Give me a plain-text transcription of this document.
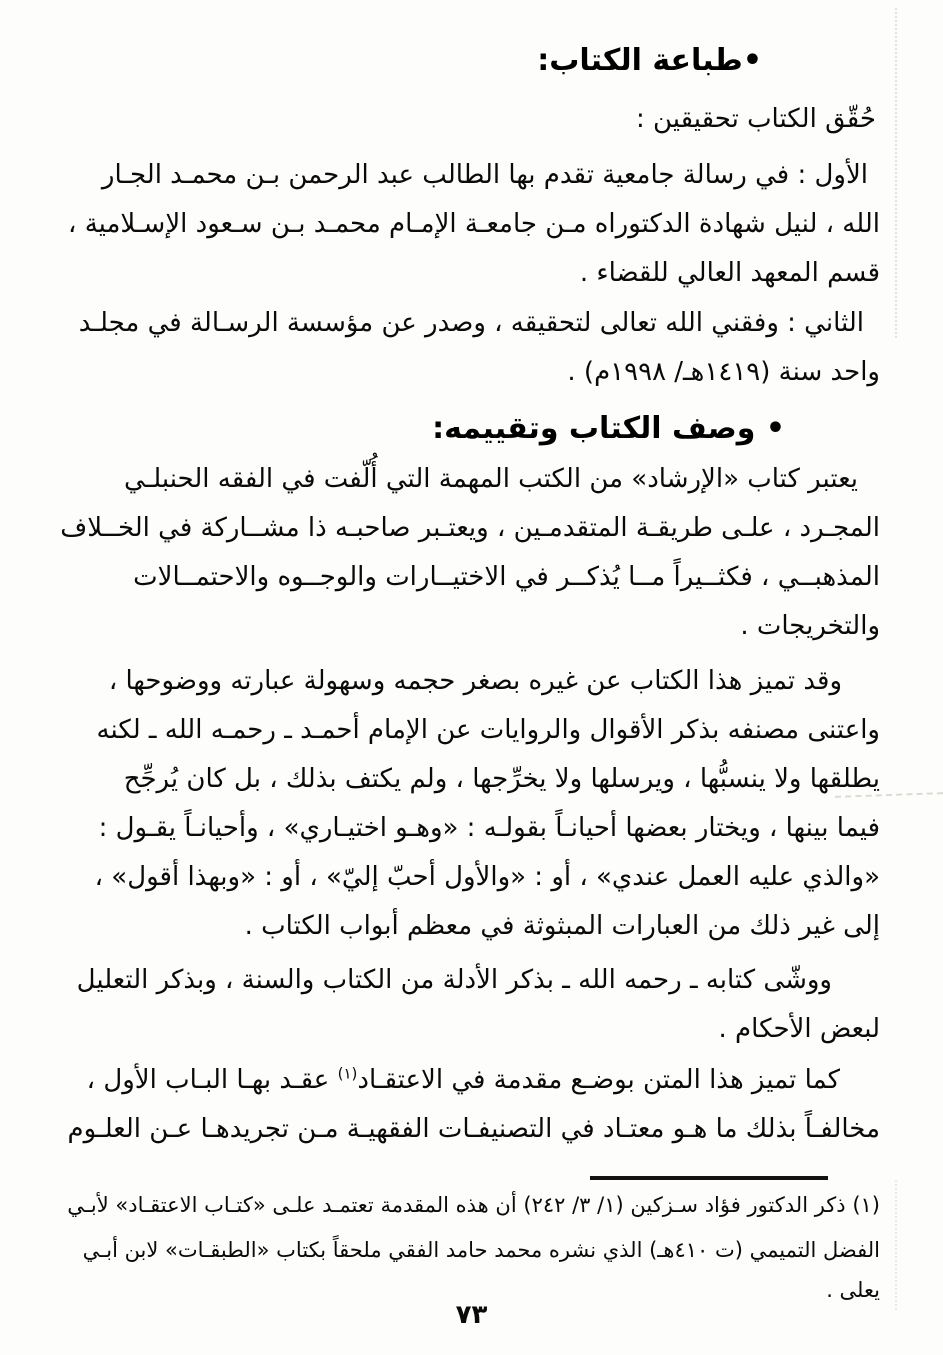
•طباعة الكتاب:
حُقّق الكتاب تحقيقين :
الأول : في رسالة جامعية تقدم بها الطالب عبد الرحمن بـن محمـد الجـار
الله ، لنيل شهادة الدكتوراه مـن جامعـة الإمـام محمـد بـن سـعود الإسـلامية ،
قسم المعهد العالي للقضاء .
الثاني : وفقني الله تعالى لتحقيقه ، وصدر عن مؤسسة الرسـالة في مجلـد
واحد سنة (١٤١٩هـ/ ١٩٩٨م) .
• وصف الكتاب وتقييمه:
يعتبر كتاب «الإرشاد» من الكتب المهمة التي أُلّفت في الفقه الحنبلـي
المجـرد ، علـى طريقـة المتقدمـين ، ويعتـبر صاحبـه ذا مشــاركة في الخــلاف
المذهبــي ، فكثــيراً مــا يُذكــر في الاختيــارات والوجــوه والاحتمــالات
والتخريجات .
وقد تميز هذا الكتاب عن غيره بصغر حجمه وسهولة عبارته ووضوحها ،
واعتنى مصنفه بذكر الأقوال والروايات عن الإمام أحمـد ـ رحمـه الله ـ لكنه
يطلقها ولا ينسبُّها ، ويرسلها ولا يخرِّجها ، ولم يكتف بذلك ، بل كان يُرجِّح
فيما بينها ، ويختار بعضها أحيانـاً بقولـه : «وهـو اختيـاري» ، وأحيانـاً يقـول :
«والذي عليه العمل عندي» ، أو : «والأول أحبّ إليّ» ، أو : «وبهذا أقول» ،
إلى غير ذلك من العبارات المبثوثة في معظم أبواب الكتاب .
ووشّى كتابه ـ رحمه الله ـ بذكر الأدلة من الكتاب والسنة ، وبذكر التعليل
لبعض الأحكام .
كما تميز هذا المتن بوضـع مقدمة في الاعتقـاد$^{(١)}$ عقـد بهـا البـاب الأول ،
مخالفـاً بذلك ما هـو معتـاد في التصنيفـات الفقهيـة مـن تجريدهـا عـن العلـوم
(١) ذكر الدكتور فؤاد سـزكين (١/ ٣/ ٢٤٢) أن هذه المقدمة تعتمـد علـى «كتـاب الاعتقـاد» لأبـي
الفضل التميمي (ت ٤١٠هـ) الذي نشره محمد حامد الفقي ملحقاً بكتاب «الطبقـات» لابن أبـي
يعلى .
٧٣
